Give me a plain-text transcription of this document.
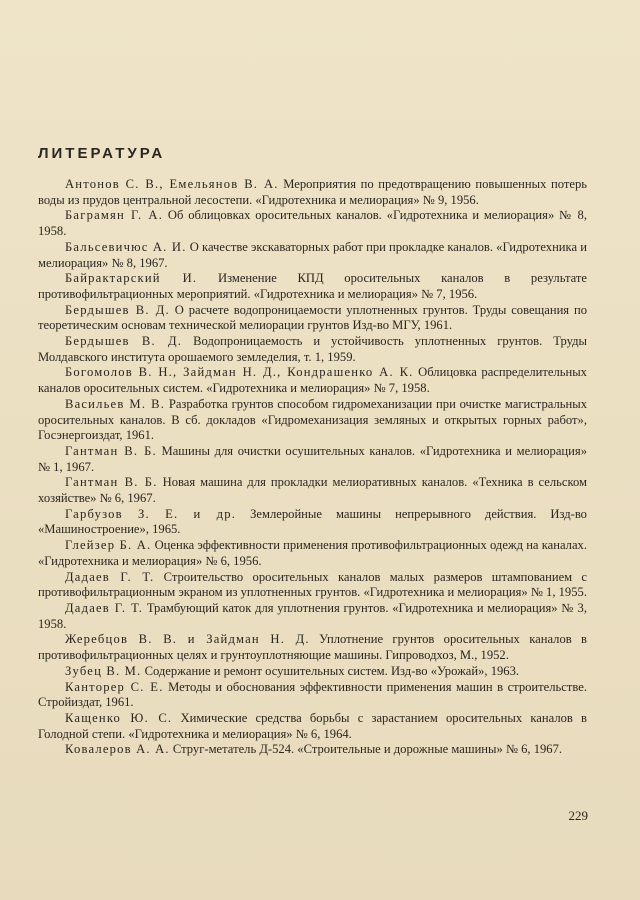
ЛИТЕРАТУРА

Антонов С. В., Емельянов В. А. Мероприятия по предотвращению повышенных потерь воды из прудов центральной лесостепи. «Гидротехника и мелиорация» № 9, 1956.

Баграмян Г. А. Об облицовках оросительных каналов. «Гидротехника и мелиорация» № 8, 1958.

Бальсевичюс А. И. О качестве экскаваторных работ при прокладке каналов. «Гидротехника и мелиорация» № 8, 1967.

Байрактарский И. Изменение КПД оросительных каналов в результате противофильтрационных мероприятий. «Гидротехника и мелиорация» № 7, 1956.

Бердышев В. Д. О расчете водопроницаемости уплотненных грунтов. Труды совещания по теоретическим основам технической мелиорации грунтов Изд-во МГУ, 1961.

Бердышев В. Д. Водопроницаемость и устойчивость уплотненных грунтов. Труды Молдавского института орошаемого земледелия, т. 1, 1959.

Богомолов В. Н., Зайдман Н. Д., Кондрашенко А. К. Облицовка распределительных каналов оросительных систем. «Гидротехника и мелиорация» № 7, 1958.

Васильев М. В. Разработка грунтов способом гидромеханизации при очистке магистральных оросительных каналов. В сб. докладов «Гидромеханизация земляных и открытых горных работ», Госэнергоиздат, 1961.

Гантман В. Б. Машины для очистки осушительных каналов. «Гидротехника и мелиорация» № 1, 1967.

Гантман В. Б. Новая машина для прокладки мелиоративных каналов. «Техника в сельском хозяйстве» № 6, 1967.

Гарбузов З. Е. и др. Землеройные машины непрерывного действия. Изд-во «Машиностроение», 1965.

Глейзер Б. А. Оценка эффективности применения противофильтрационных одежд на каналах. «Гидротехника и мелиорация» № 6, 1956.

Дадаев Г. Т. Строительство оросительных каналов малых размеров штампованием с противофильтрационным экраном из уплотненных грунтов. «Гидротехника и мелиорация» № 1, 1955.

Дадаев Г. Т. Трамбующий каток для уплотнения грунтов. «Гидротехника и мелиорация» № 3, 1958.

Жеребцов В. В. и Зайдман Н. Д. Уплотнение грунтов оросительных каналов в противофильтрационных целях и грунтоуплотняющие машины. Гипроводхоз, М., 1952.

Зубец В. М. Содержание и ремонт осушительных систем. Изд-во «Урожай», 1963.

Канторер С. Е. Методы и обоснования эффективности применения машин в строительстве. Стройиздат, 1961.

Кащенко Ю. С. Химические средства борьбы с зарастанием оросительных каналов в Голодной степи. «Гидротехника и мелиорация» № 6, 1964.

Ковалеров А. А. Струг-метатель Д-524. «Строительные и дорожные машины» № 6, 1967.

229
